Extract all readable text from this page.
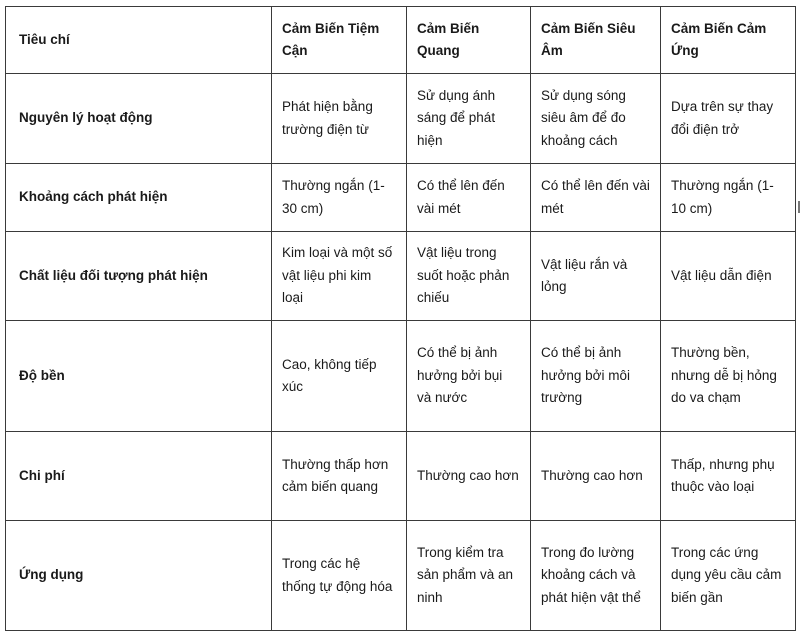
Tiêu chí	Cảm Biến Tiệm Cận	Cảm Biến Quang	Cảm Biến Siêu Âm	Cảm Biến Cảm Ứng
Nguyên lý hoạt động	Phát hiện bằng trường điện từ	Sử dụng ánh sáng để phát hiện	Sử dụng sóng siêu âm để đo khoảng cách	Dựa trên sự thay đổi điện trở
Khoảng cách phát hiện	Thường ngắn (1-30 cm)	Có thể lên đến vài mét	Có thể lên đến vài mét	Thường ngắn (1-10 cm)
Chất liệu đối tượng phát hiện	Kim loại và một số vật liệu phi kim loại	Vật liệu trong suốt hoặc phản chiếu	Vật liệu rắn và lỏng	Vật liệu dẫn điện
Độ bền	Cao, không tiếp xúc	Có thể bị ảnh hưởng bởi bụi và nước	Có thể bị ảnh hưởng bởi môi trường	Thường bền, nhưng dễ bị hỏng do va chạm
Chi phí	Thường thấp hơn cảm biến quang	Thường cao hơn	Thường cao hơn	Thấp, nhưng phụ thuộc vào loại
Ứng dụng	Trong các hệ thống tự động hóa	Trong kiểm tra sản phẩm và an ninh	Trong đo lường khoảng cách và phát hiện vật thể	Trong các ứng dụng yêu cầu cảm biến gần
